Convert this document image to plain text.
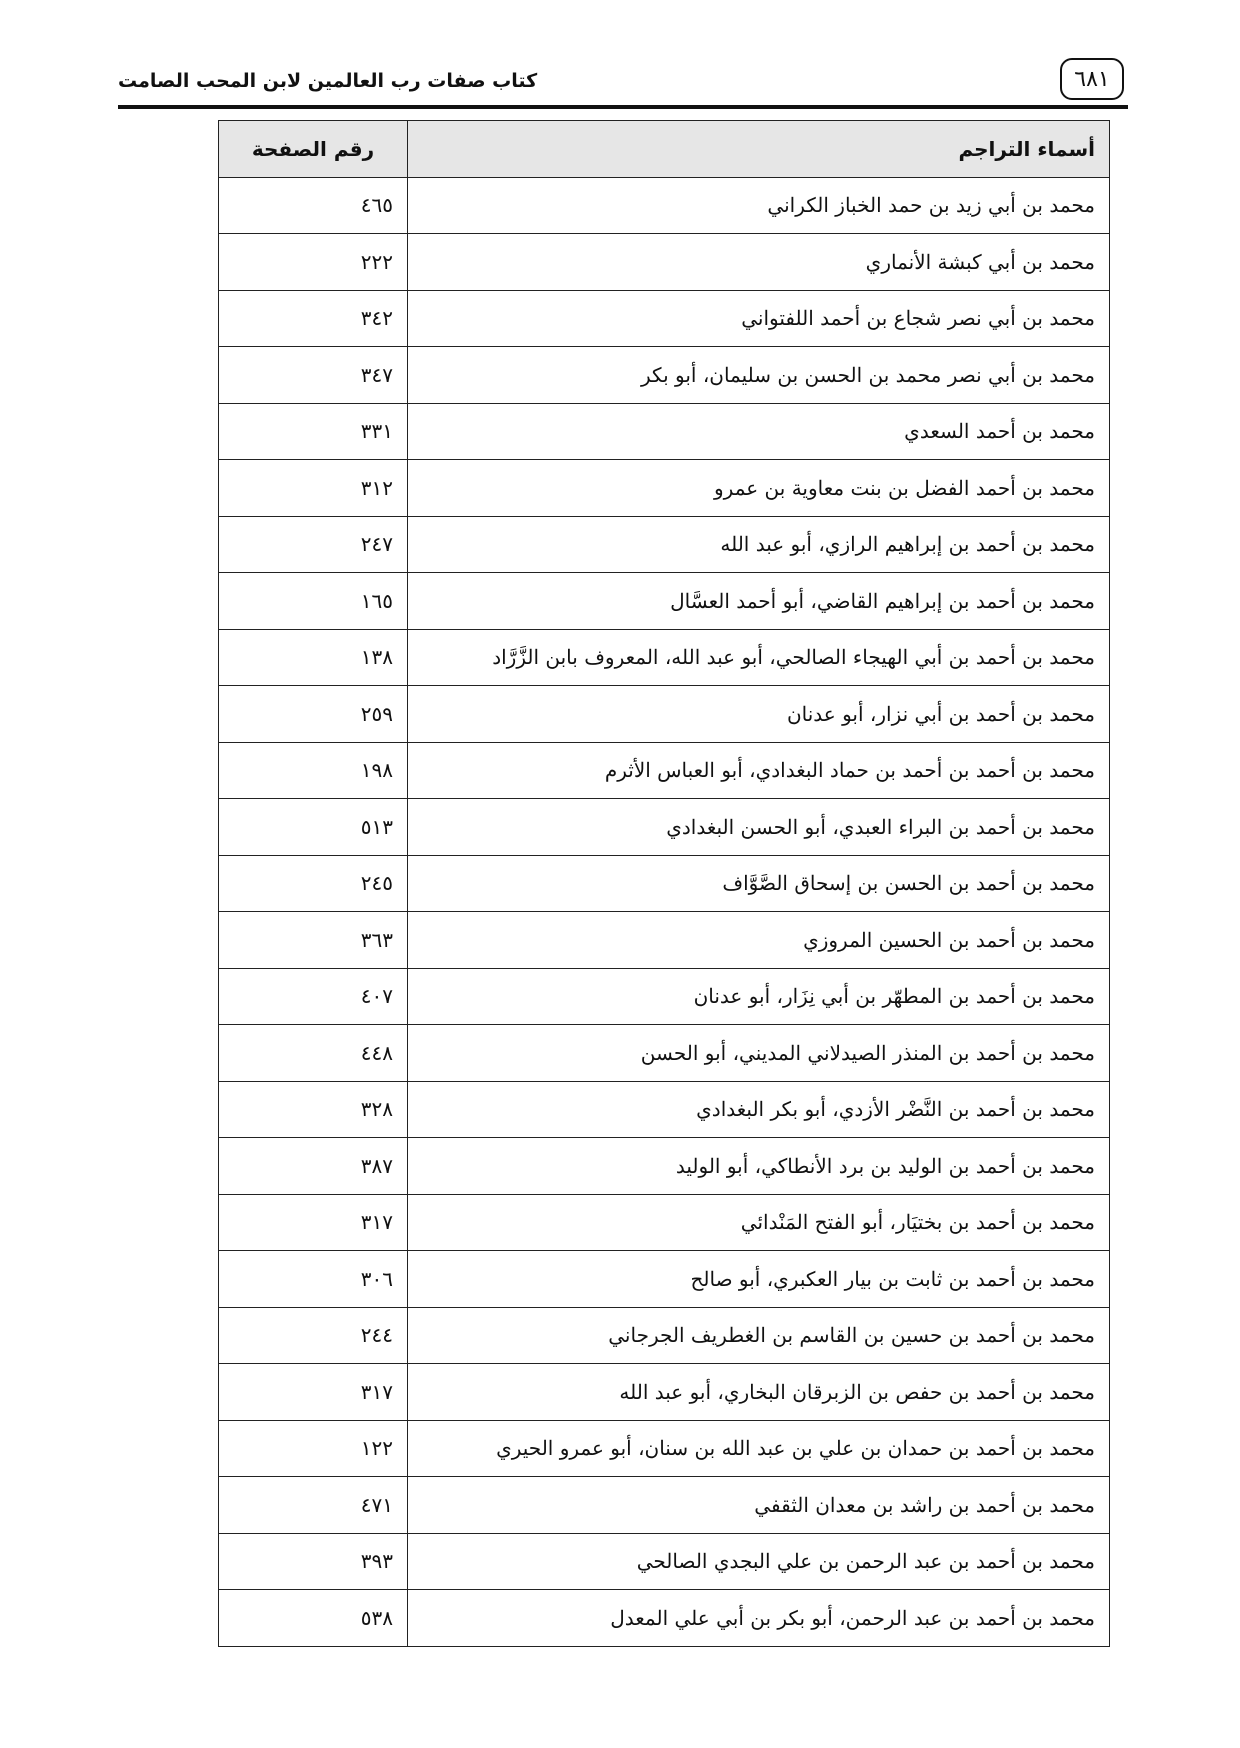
٦٨١
كتاب صفات رب العالمين لابن المحب الصامت
أسماء التراجم	رقم الصفحة
محمد بن أبي زيد بن حمد الخباز الكراني	٤٦٥
محمد بن أبي كبشة الأنماري	٢٢٢
محمد بن أبي نصر شجاع بن أحمد اللفتواني	٣٤٢
محمد بن أبي نصر محمد بن الحسن بن سليمان، أبو بكر	٣٤٧
محمد بن أحمد السعدي	٣٣١
محمد بن أحمد الفضل بن بنت معاوية بن عمرو	٣١٢
محمد بن أحمد بن إبراهيم الرازي، أبو عبد الله	٢٤٧
محمد بن أحمد بن إبراهيم القاضي، أبو أحمد العسَّال	١٦٥
محمد بن أحمد بن أبي الهيجاء الصالحي، أبو عبد الله، المعروف بابن الزَّرَّاد	١٣٨
محمد بن أحمد بن أبي نزار، أبو عدنان	٢٥٩
محمد بن أحمد بن أحمد بن حماد البغدادي، أبو العباس الأثرم	١٩٨
محمد بن أحمد بن البراء العبدي، أبو الحسن البغدادي	٥١٣
محمد بن أحمد بن الحسن بن إسحاق الصَّوَّاف	٢٤٥
محمد بن أحمد بن الحسين المروزي	٣٦٣
محمد بن أحمد بن المطهّر بن أبي نِزَار، أبو عدنان	٤٠٧
محمد بن أحمد بن المنذر الصيدلاني المديني، أبو الحسن	٤٤٨
محمد بن أحمد بن النَّضْر الأزدي، أبو بكر البغدادي	٣٢٨
محمد بن أحمد بن الوليد بن برد الأنطاكي، أبو الوليد	٣٨٧
محمد بن أحمد بن بختيَار، أبو الفتح المَنْدائي	٣١٧
محمد بن أحمد بن ثابت بن بيار العكبري، أبو صالح	٣٠٦
محمد بن أحمد بن حسين بن القاسم بن الغطريف الجرجاني	٢٤٤
محمد بن أحمد بن حفص بن الزبرقان البخاري، أبو عبد الله	٣١٧
محمد بن أحمد بن حمدان بن علي بن عبد الله بن سنان، أبو عمرو الحيري	١٢٢
محمد بن أحمد بن راشد بن معدان الثقفي	٤٧١
محمد بن أحمد بن عبد الرحمن بن علي البجدي الصالحي	٣٩٣
محمد بن أحمد بن عبد الرحمن، أبو بكر بن أبي علي المعدل	٥٣٨
